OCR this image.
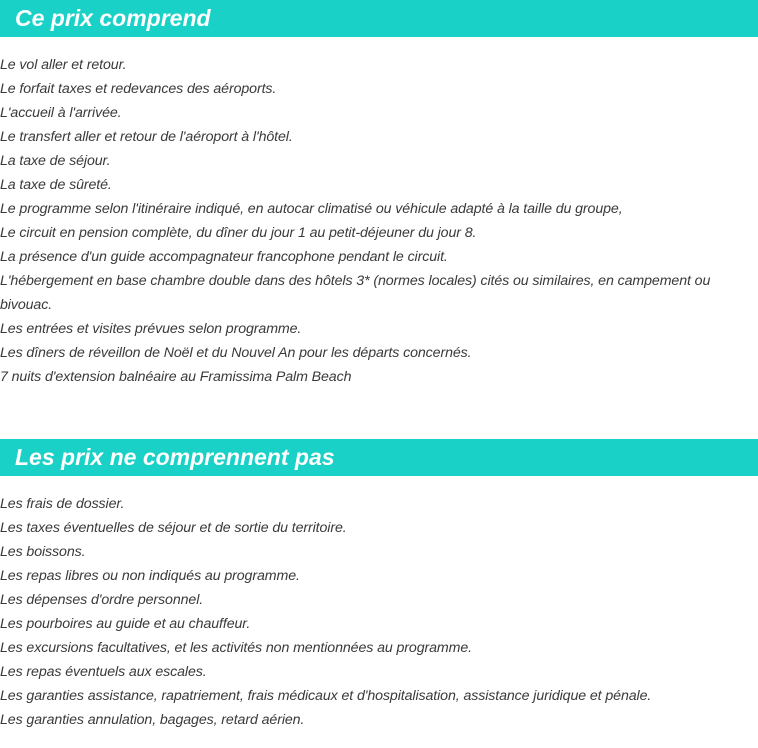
Ce prix comprend
Le vol aller et retour.
Le forfait taxes et redevances des aéroports.
L'accueil à l'arrivée.
Le transfert aller et retour de l'aéroport à l'hôtel.
La taxe de séjour.
La taxe de sûreté.
Le programme selon l'itinéraire indiqué, en autocar climatisé ou véhicule adapté à la taille du groupe,
Le circuit en pension complète, du dîner du jour 1 au petit-déjeuner du jour 8.
La présence d'un guide accompagnateur francophone pendant le circuit.
L'hébergement en base chambre double dans des hôtels 3* (normes locales) cités ou similaires, en campement ou bivouac.
Les entrées et visites prévues selon programme.
Les dîners de réveillon de Noël et du Nouvel An pour les départs concernés.
7 nuits d'extension balnéaire au Framissima Palm Beach
Les prix ne comprennent pas
Les frais de dossier.
Les taxes éventuelles de séjour et de sortie du territoire.
Les boissons.
Les repas libres ou non indiqués au programme.
Les dépenses d'ordre personnel.
Les pourboires au guide et au chauffeur.
Les excursions facultatives, et les activités non mentionnées au programme.
Les repas éventuels aux escales.
Les garanties assistance, rapatriement, frais médicaux et d'hospitalisation, assistance juridique et pénale.
Les garanties annulation, bagages, retard aérien.
